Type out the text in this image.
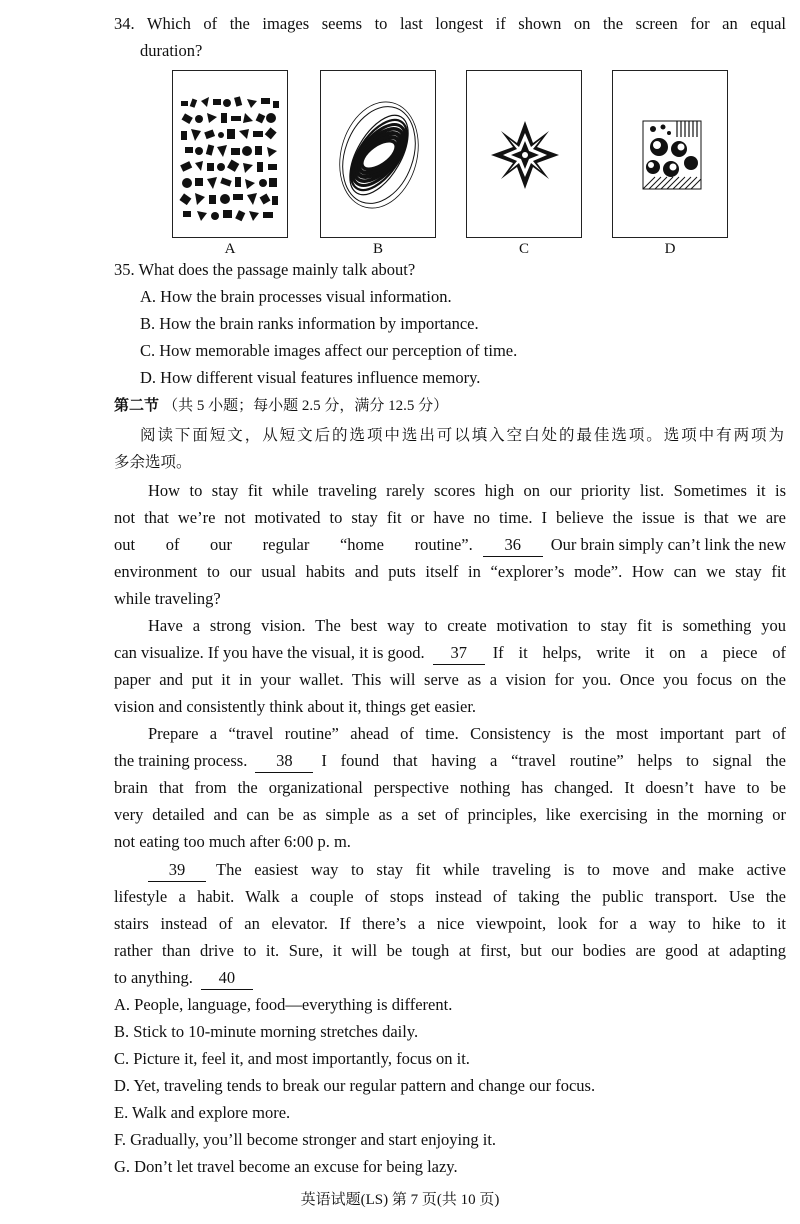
34. Which of the images seems to last longest if shown on the screen for an equal
duration?
A	B	C	D
35. What does the passage mainly talk about?
A. How the brain processes visual information.
B. How the brain ranks information by importance.
C. How memorable images affect our perception of time.
D. How different visual features influence memory.
第二节 （共 5 小题；每小题 2.5 分，满分 12.5 分）
阅读下面短文，从短文后的选项中选出可以填入空白处的最佳选项。选项中有两项为
多余选项。
How to stay fit while traveling rarely scores high on our priority list. Sometimes it is
not that we’re not motivated to stay fit or have no time. I believe the issue is that we are
out of our regular “home routine”.	36	Our brain simply can’t link the new
environment to our usual habits and puts itself in “explorer’s mode”. How can we stay fit
while traveling?
Have a strong vision. The best way to create motivation to stay fit is something you
can visualize. If you have the visual, it is good.	37	If it helps, write it on a piece of
paper and put it in your wallet. This will serve as a vision for you. Once you focus on the
vision and consistently think about it, things get easier.
Prepare a “travel routine” ahead of time. Consistency is the most important part of
the training process.	38	I found that having a “travel routine” helps to signal the
brain that from the organizational perspective nothing has changed. It doesn’t have to be
very detailed and can be as simple as a set of principles, like exercising in the morning or
not eating too much after 6:00 p. m.
39	The easiest way to stay fit while traveling is to move and make active
lifestyle a habit. Walk a couple of stops instead of taking the public transport. Use the
stairs instead of an elevator. If there’s a nice viewpoint, look for a way to hike to it
rather than drive to it. Sure, it will be tough at first, but our bodies are good at adapting
to anything.	40
A. People, language, food—everything is different.
B. Stick to 10-minute morning stretches daily.
C. Picture it, feel it, and most importantly, focus on it.
D. Yet, traveling tends to break our regular pattern and change our focus.
E. Walk and explore more.
F. Gradually, you’ll become stronger and start enjoying it.
G. Don’t let travel become an excuse for being lazy.
英语试题(LS) 第 7 页(共 10 页)
